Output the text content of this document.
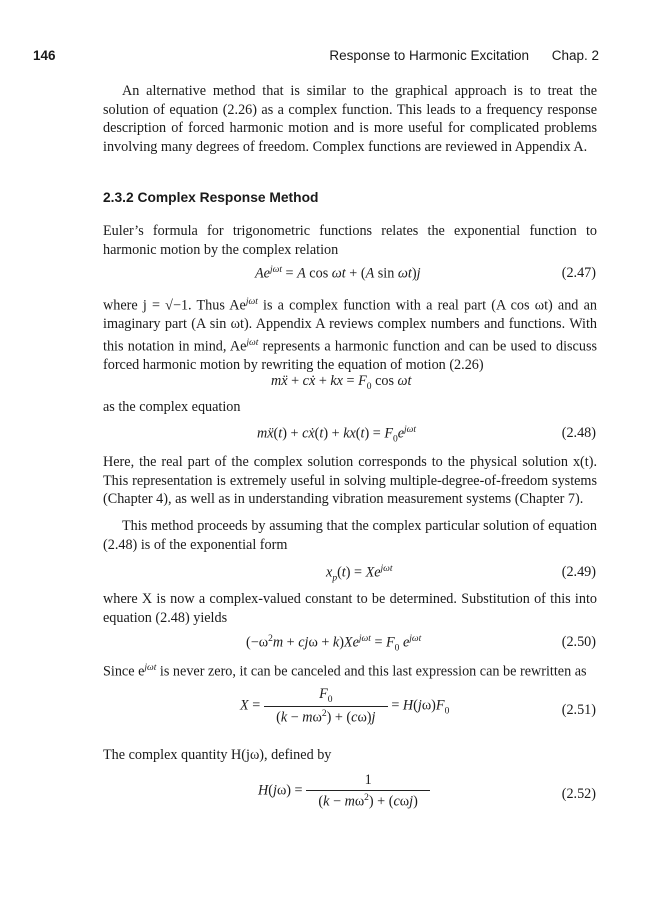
146	Response to Harmonic Excitation Chap. 2

An alternative method that is similar to the graphical approach is to treat the solution of equation (2.26) as a complex function. This leads to a frequency response description of forced harmonic motion and is more useful for complicated problems involving many degrees of freedom. Complex functions are reviewed in Appendix A.

2.3.2 Complex Response Method

Euler’s formula for trigonometric functions relates the exponential function to harmonic motion by the complex relation

$Ae^{j\omega t} = A$ cos ωt + (A sin ωt)j	(2.47)

where j = √−1. Thus $Ae^{j\omega t}$ is a complex function with a real part (A cos ωt) and an imaginary part (A sin ωt). Appendix A reviews complex numbers and functions. With this notation in mind, $Ae^{j\omega t}$ represents a harmonic function and can be used to discuss forced harmonic motion by rewriting the equation of motion (2.26)

mẍ + cẋ + kx = $F_0$ cos ωt

as the complex equation

mẍ(t) + cẋ(t) + $kx(t) = F_0e^{j\omega t}$	(2.48)

Here, the real part of the complex solution corresponds to the physical solution x(t). This representation is extremely useful in solving multiple-degree-of-freedom systems (Chapter 4), as well as in understanding vibration measurement systems (Chapter 7).

This method proceeds by assuming that the complex particular solution of equation (2.48) is of the exponential form

$x_p(t) = Xe^{j\omega t}$	(2.49)

where X is now a complex-valued constant to be determined. Substitution of this into equation (2.48) yields

$(-\omega^2m + cj\omega + k)Xe^{j\omega t} = F_0$ $e^{j\omega t}$	(2.50)

Since $e^{j\omega t}$ is never zero, it can be canceled and this last expression can be rewritten as

$X = \frac{F_0}{(k - m\omega^2) + (c\omega)j} = H(j\omega)F_0$	(2.51)

The complex quantity H(jω), defined by

$H(j\omega) = \frac{1}{(k - m\omega^2) + (c\omega j)}$	(2.52)
